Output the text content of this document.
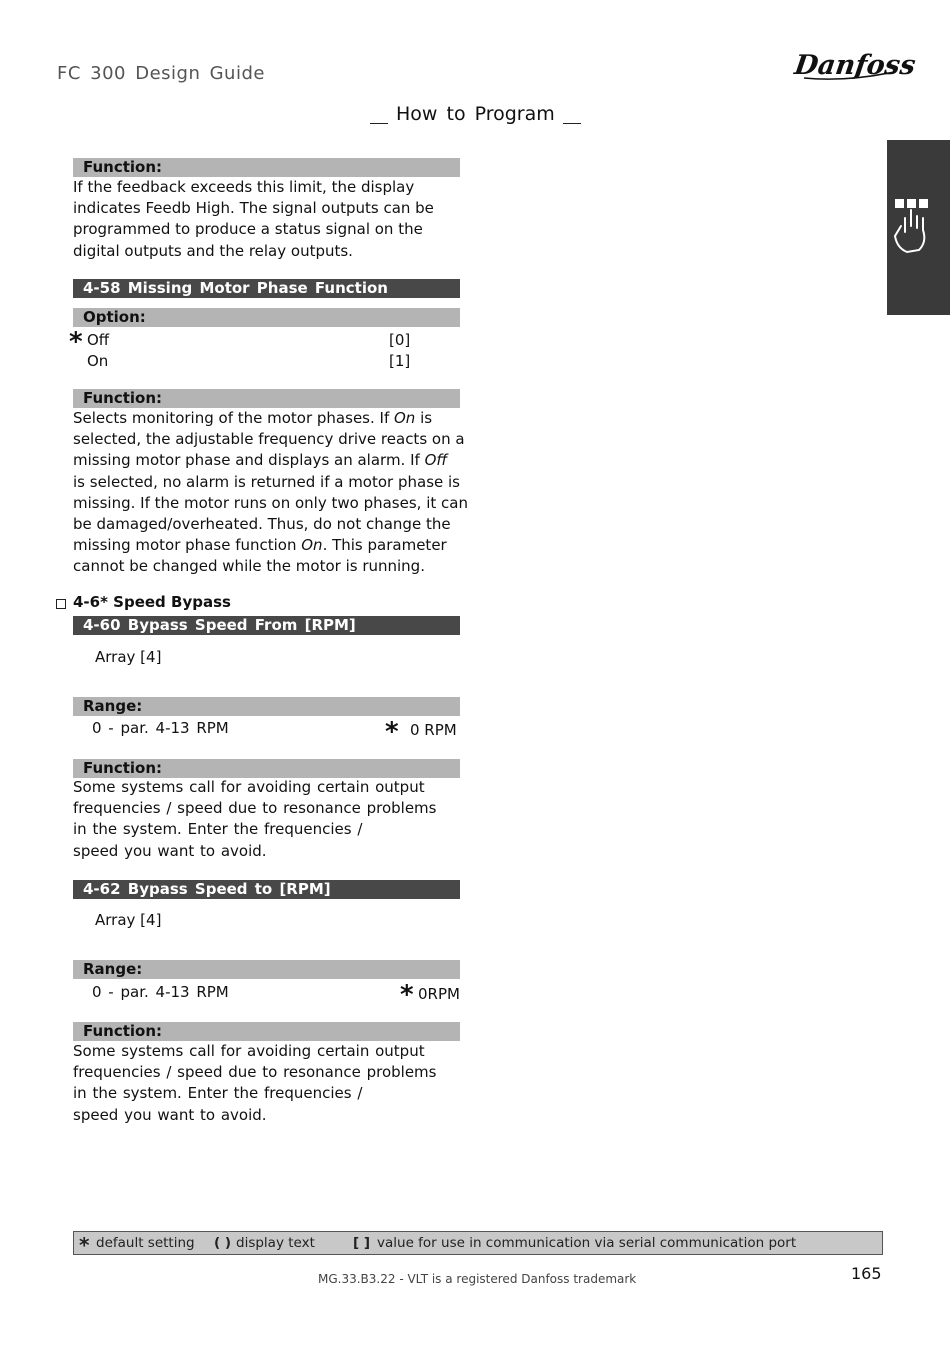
FC 300 Design Guide	Danfoss
How to Program
Function:
If the feedback exceeds this limit, the display
indicates Feedb High. The signal outputs can be
programmed to produce a status signal on the
digital outputs and the relay outputs.
4-58 Missing Motor Phase Function
Option:
* Off	[0]
On	[1]
Function:
Selects monitoring of the motor phases. If On is
selected, the adjustable frequency drive reacts on a
missing motor phase and displays an alarm. If Off
is selected, no alarm is returned if a motor phase is
missing. If the motor runs on only two phases, it can
be damaged/overheated. Thus, do not change the
missing motor phase function On. This parameter
cannot be changed while the motor is running.
4-6* Speed Bypass
4-60 Bypass Speed From [RPM]
Array [4]
Range:
0 - par. 4-13 RPM	* 0 RPM
Function:
Some systems call for avoiding certain output
frequencies / speed due to resonance problems
in the system. Enter the frequencies /
speed you want to avoid.
4-62 Bypass Speed to [RPM]
Array [4]
Range:
0 - par. 4-13 RPM	* 0RPM
Function:
Some systems call for avoiding certain output
frequencies / speed due to resonance problems
in the system. Enter the frequencies /
speed you want to avoid.
* default setting ( ) display text	[ ] value for use in communication via serial communication port
MG.33.B3.22 - VLT is a registered Danfoss trademark	165
